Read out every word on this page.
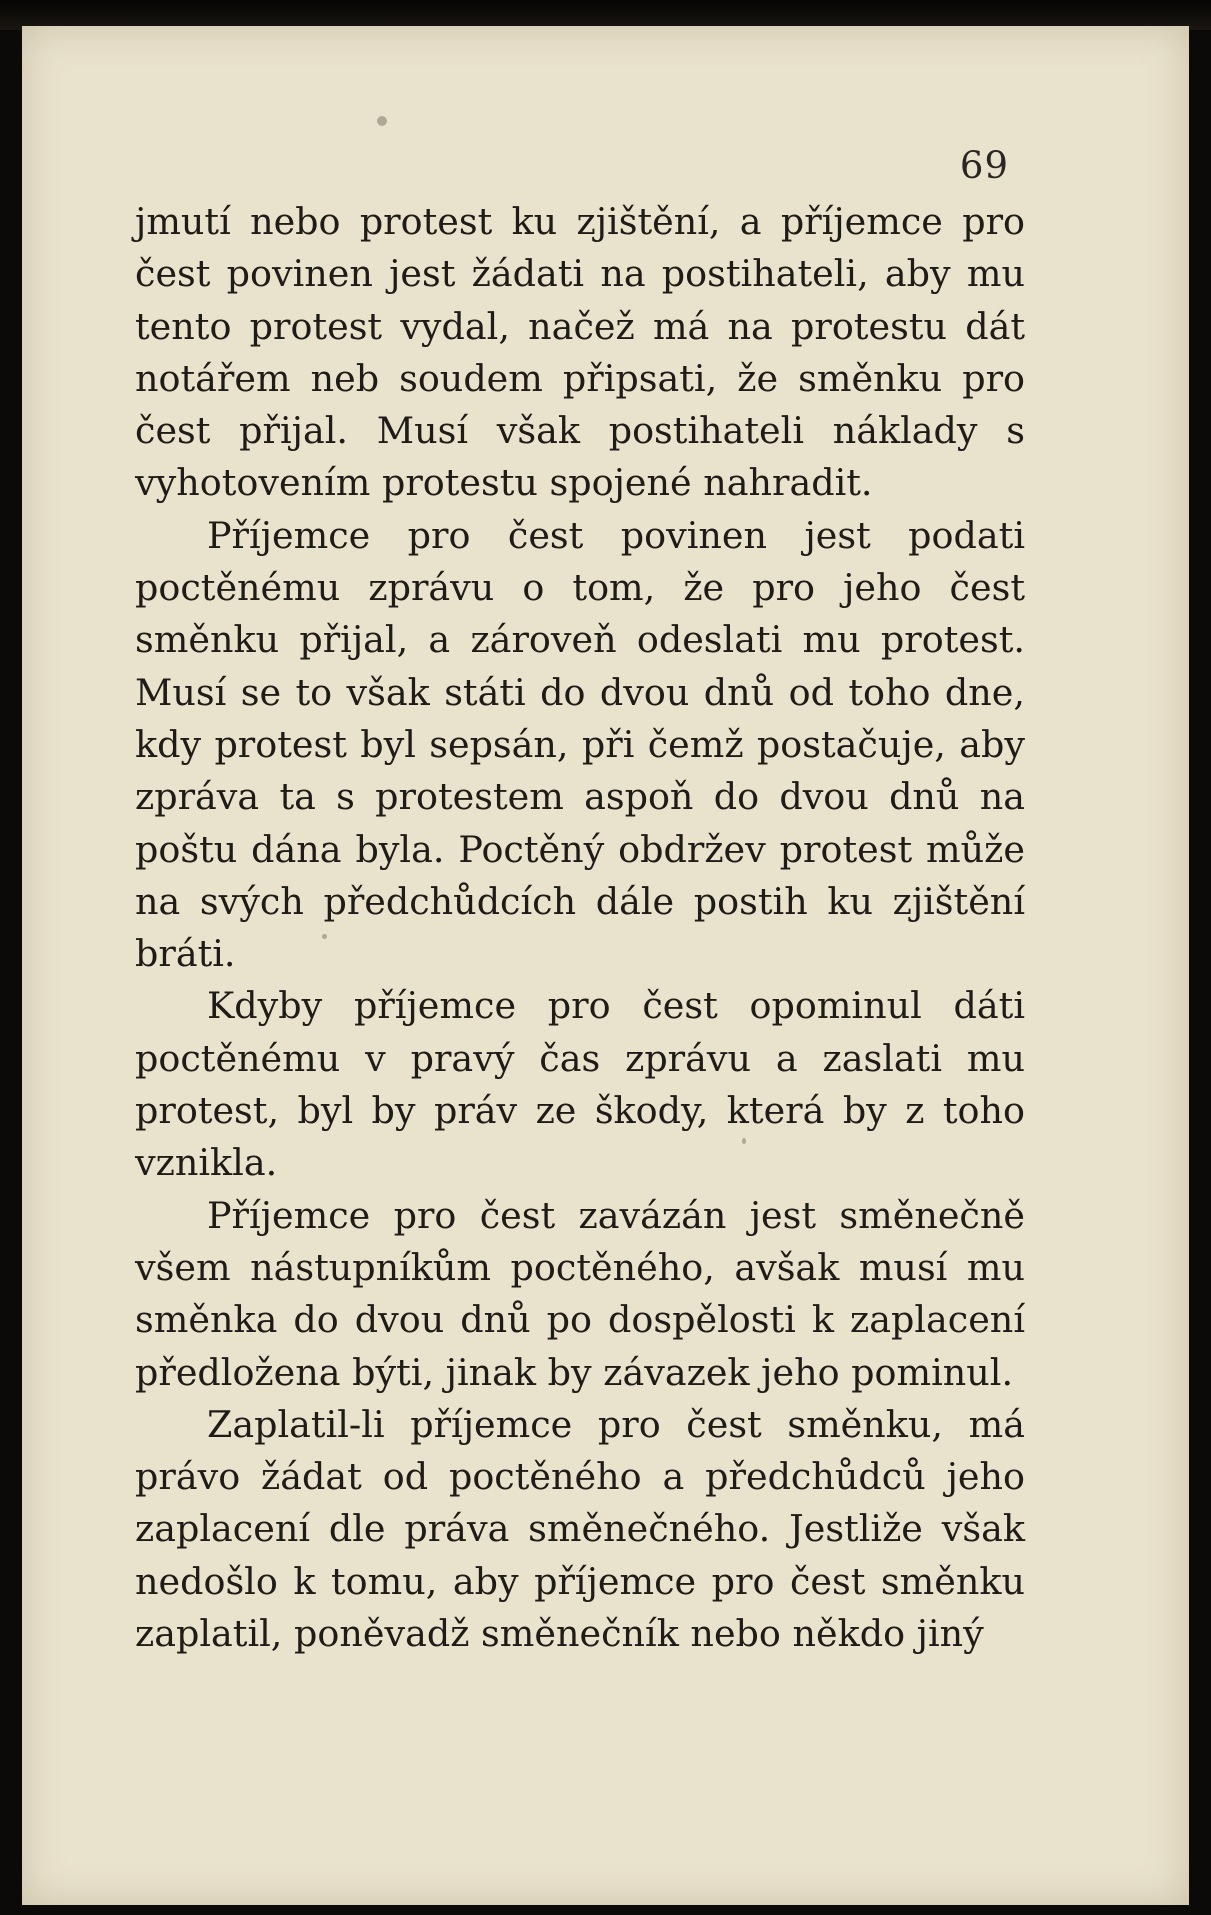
69

jmutí nebo protest ku zjištění, a příjemce pro čest povinen jest žádati na postihateli, aby mu tento protest vydal, načež má na protestu dát notářem neb soudem připsati, že směnku pro čest přijal. Musí však postihateli náklady s vyhotovením protestu spojené nahradit.

Příjemce pro čest povinen jest podati poctěnému zprávu o tom, že pro jeho čest směnku přijal, a zároveň odeslati mu protest. Musí se to však státi do dvou dnů od toho dne, kdy protest byl sepsán, při čemž postačuje, aby zpráva ta s protestem aspoň do dvou dnů na poštu dána byla. Poctěný obdržev protest může na svých předchůdcích dále postih ku zjištění bráti.

Kdyby příjemce pro čest opominul dáti poctěnému v pravý čas zprávu a zaslati mu protest, byl by práv ze škody, která by z toho vznikla.

Příjemce pro čest zavázán jest směnečně všem nástupníkům poctěného, avšak musí mu směnka do dvou dnů po dospělosti k zaplacení předložena býti, jinak by závazek jeho pominul.

Zaplatil-li příjemce pro čest směnku, má právo žádat od poctěného a předchůdců jeho zaplacení dle práva směnečného. Jestliže však nedošlo k tomu, aby příjemce pro čest směnku zaplatil, poněvadž směnečník nebo někdo jiný
